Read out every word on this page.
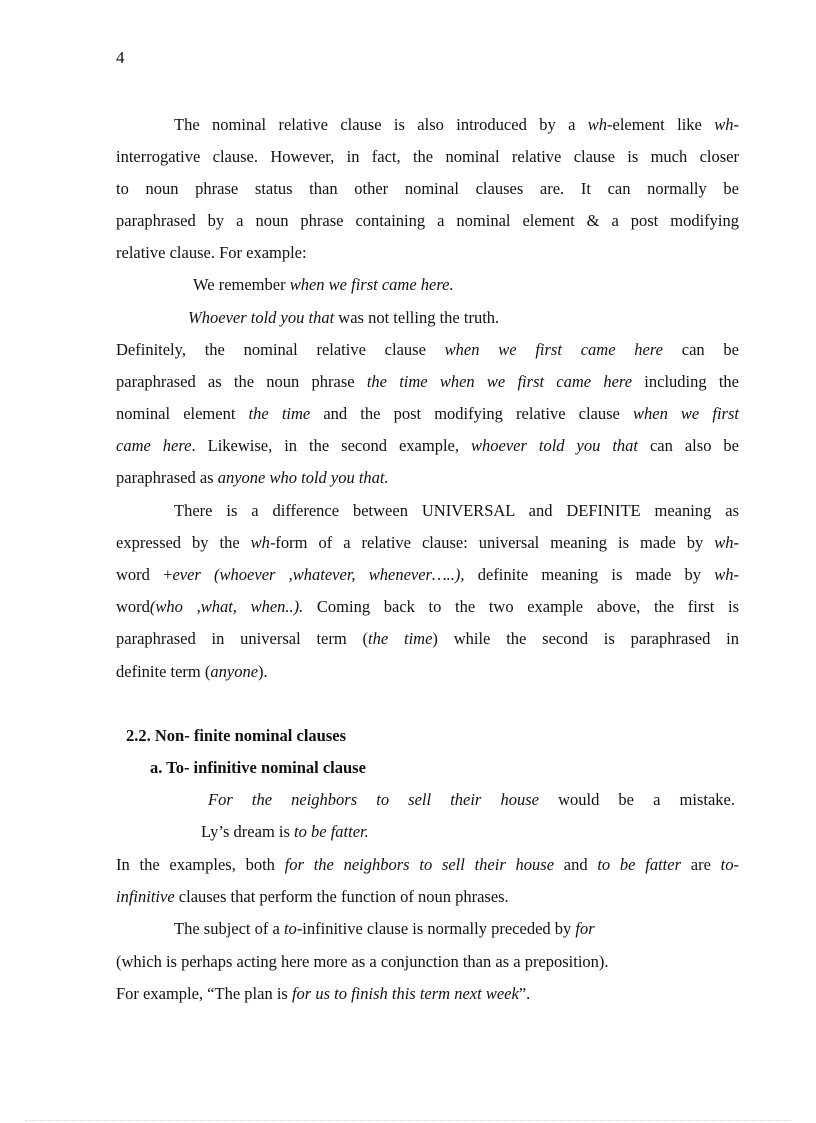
4
The nominal relative clause is also introduced by a wh-element like wh-
interrogative clause. However, in fact, the nominal relative clause is much closer
to noun phrase status than other nominal clauses are. It can normally be
paraphrased by a noun phrase containing a nominal element & a post modifying
relative clause. For example:
We remember when we first came here.
Whoever told you that was not telling the truth.
Definitely, the nominal relative clause when we first came here can be
paraphrased as the noun phrase the time when we first came here including the
nominal element the time and the post modifying relative clause when we first
came here. Likewise, in the second example, whoever told you that can also be
paraphrased as anyone who told you that.
There is a difference between UNIVERSAL and DEFINITE meaning as
expressed by the wh-form of a relative clause: universal meaning is made by wh-
word +ever (whoever ,whatever, whenever…..), definite meaning is made by wh-
word(who ,what, when..). Coming back to the two example above, the first is
paraphrased in universal term (the time) while the second is paraphrased in
definite term (anyone).
2.2. Non- finite nominal clauses
a. To- infinitive nominal clause
For the neighbors to sell their house would be a mistake.
Ly’s dream is to be fatter.
In the examples, both for the neighbors to sell their house and to be fatter are to-
infinitive clauses that perform the function of noun phrases.
The subject of a to-infinitive clause is normally preceded by for
(which is perhaps acting here more as a conjunction than as a preposition).
For example, “The plan is for us to finish this term next week”.
